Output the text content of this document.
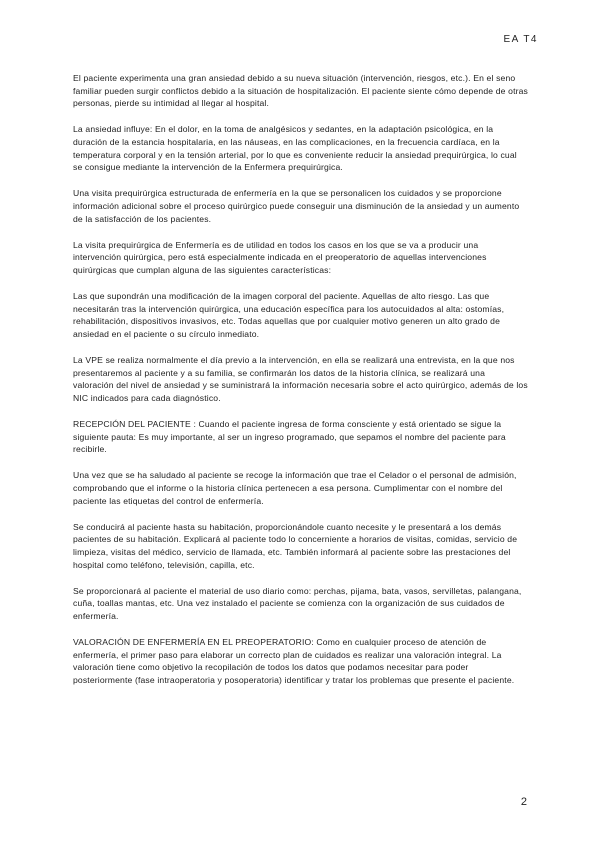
EA T4

El paciente experimenta una gran ansiedad debido a su nueva situación (intervención, riesgos, etc.). En el seno familiar pueden surgir conflictos debido a la situación de hospitalización. El paciente siente cómo depende de otras personas, pierde su intimidad al llegar al hospital.

La ansiedad influye: En el dolor, en la toma de analgésicos y sedantes, en la adaptación psicológica, en la duración de la estancia hospitalaria, en las náuseas, en las complicaciones, en la frecuencia cardíaca, en la temperatura corporal y en la tensión arterial, por lo que es conveniente reducir la ansiedad prequirúrgica, lo cual se consigue mediante la intervención de la Enfermera prequirúrgica.

Una visita prequirúrgica estructurada de enfermería en la que se personalicen los cuidados y se proporcione información adicional sobre el proceso quirúrgico puede conseguir una disminución de la ansiedad y un aumento de la satisfacción de los pacientes.

La visita prequirúrgica de Enfermería es de utilidad en todos los casos en los que se va a producir una intervención quirúrgica, pero está especialmente indicada en el preoperatorio de aquellas intervenciones quirúrgicas que cumplan alguna de las siguientes características:

Las que supondrán una modificación de la imagen corporal del paciente. Aquellas de alto riesgo. Las que necesitarán tras la intervención quirúrgica, una educación específica para los autocuidados al alta: ostomías, rehabilitación, dispositivos invasivos, etc. Todas aquellas que por cualquier motivo generen un alto grado de ansiedad en el paciente o su círculo inmediato.

La VPE se realiza normalmente el día previo a la intervención, en ella se realizará una entrevista, en la que nos presentaremos al paciente y a su familia, se confirmarán los datos de la historia clínica, se realizará una valoración del nivel de ansiedad y se suministrará la información necesaria sobre el acto quirúrgico, además de los NIC indicados para cada diagnóstico.

RECEPCIÓN DEL PACIENTE : Cuando el paciente ingresa de forma consciente y está orientado se sigue la siguiente pauta: Es muy importante, al ser un ingreso programado, que sepamos el nombre del paciente para recibirle.

Una vez que se ha saludado al paciente se recoge la información que trae el Celador o el personal de admisión, comprobando que el informe o la historia clínica pertenecen a esa persona. Cumplimentar con el nombre del paciente las etiquetas del control de enfermería.

Se conducirá al paciente hasta su habitación, proporcionándole cuanto necesite y le presentará a los demás pacientes de su habitación. Explicará al paciente todo lo concerniente a horarios de visitas, comidas, servicio de limpieza, visitas del médico, servicio de llamada, etc. También informará al paciente sobre las prestaciones del hospital como teléfono, televisión, capilla, etc.

Se proporcionará al paciente el material de uso diario como: perchas, pijama, bata, vasos, servilletas, palangana, cuña, toallas mantas, etc. Una vez instalado el paciente se comienza con la organización de sus cuidados de enfermería.

VALORACIÓN DE ENFERMERÍA EN EL PREOPERATORIO: Como en cualquier proceso de atención de enfermería, el primer paso para elaborar un correcto plan de cuidados es realizar una valoración integral. La valoración tiene como objetivo la recopilación de todos los datos que podamos necesitar para poder posteriormente (fase intraoperatoria y posoperatoria) identificar y tratar los problemas que presente el paciente.

2
